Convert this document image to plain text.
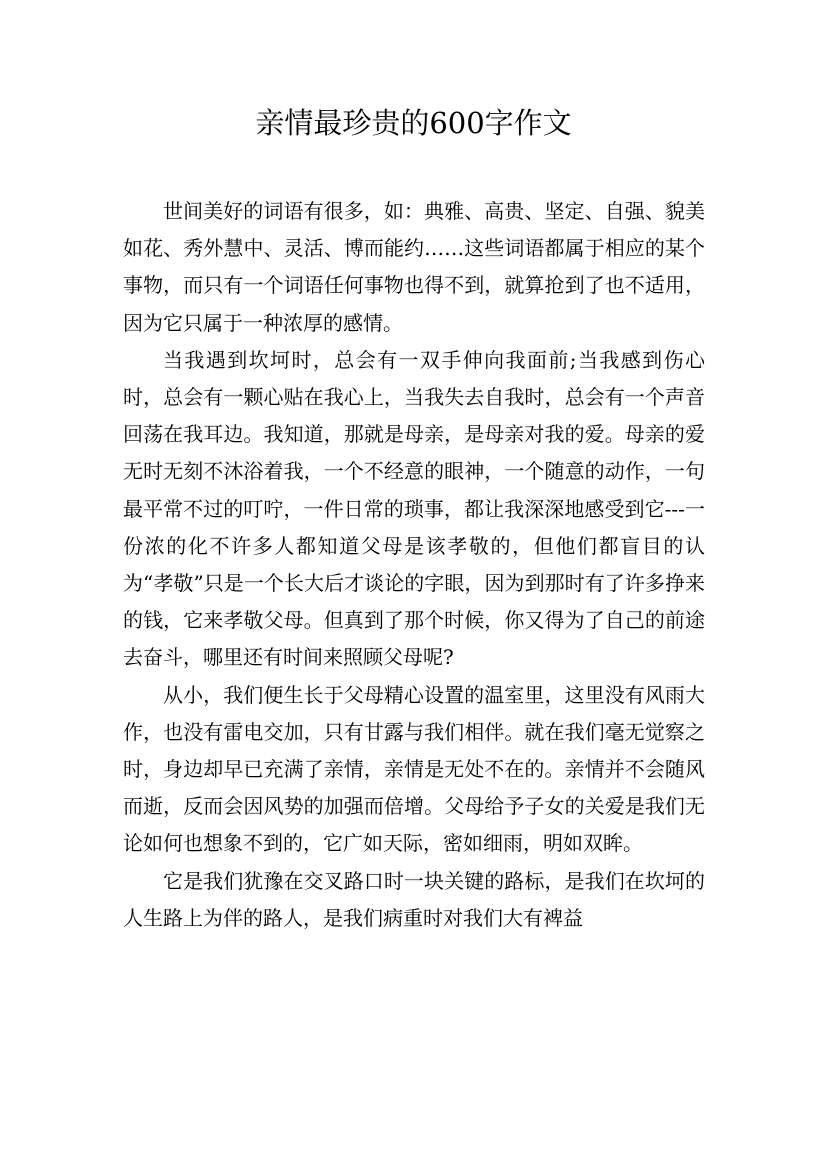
亲情最珍贵的600字作文

世间美好的词语有很多，如：典雅、高贵、坚定、自强、貌美如花、秀外慧中、灵活、博而能约……这些词语都属于相应的某个事物，而只有一个词语任何事物也得不到，就算抢到了也不适用，因为它只属于一种浓厚的感情。

当我遇到坎坷时，总会有一双手伸向我面前;当我感到伤心时，总会有一颗心贴在我心上，当我失去自我时，总会有一个声音回荡在我耳边。我知道，那就是母亲，是母亲对我的爱。母亲的爱无时无刻不沐浴着我，一个不经意的眼神，一个随意的动作，一句最平常不过的叮咛，一件日常的琐事，都让我深深地感受到它---一份浓的化不许多人都知道父母是该孝敬的，但他们都盲目的认为“孝敬”只是一个长大后才谈论的字眼，因为到那时有了许多挣来的钱，它来孝敬父母。但真到了那个时候，你又得为了自己的前途去奋斗，哪里还有时间来照顾父母呢?

从小，我们便生长于父母精心设置的温室里，这里没有风雨大作，也没有雷电交加，只有甘露与我们相伴。就在我们毫无觉察之时，身边却早已充满了亲情，亲情是无处不在的。亲情并不会随风而逝，反而会因风势的加强而倍增。父母给予子女的关爱是我们无论如何也想象不到的，它广如天际，密如细雨，明如双眸。

它是我们犹豫在交叉路口时一块关键的路标，是我们在坎坷的人生路上为伴的路人，是我们病重时对我们大有裨益
